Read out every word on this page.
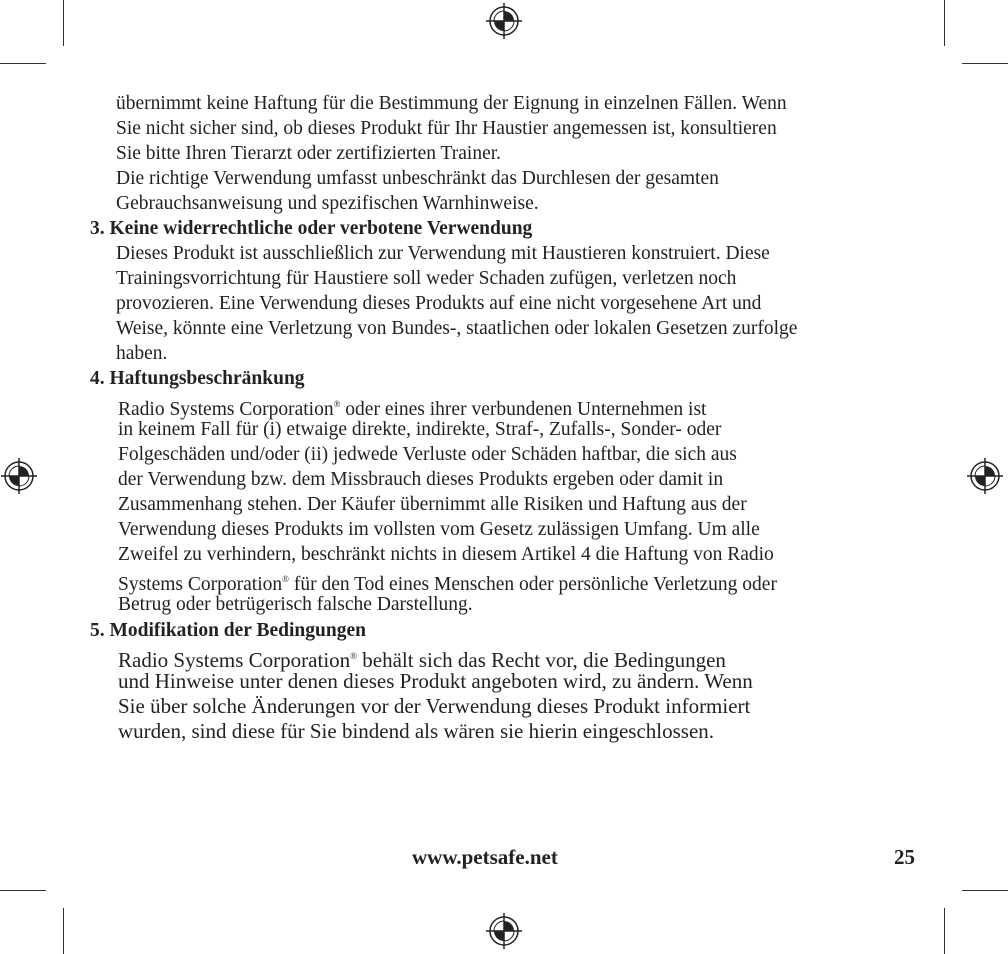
übernimmt keine Haftung für die Bestimmung der Eignung in einzelnen Fällen. Wenn
Sie nicht sicher sind, ob dieses Produkt für Ihr Haustier angemessen ist, konsultieren
Sie bitte Ihren Tierarzt oder zertifizierten Trainer.
Die richtige Verwendung umfasst unbeschränkt das Durchlesen der gesamten
Gebrauchsanweisung und spezifischen Warnhinweise.
3. Keine widerrechtliche oder verbotene Verwendung
Dieses Produkt ist ausschließlich zur Verwendung mit Haustieren konstruiert. Diese
Trainingsvorrichtung für Haustiere soll weder Schaden zufügen, verletzen noch
provozieren. Eine Verwendung dieses Produkts auf eine nicht vorgesehene Art und
Weise, könnte eine Verletzung von Bundes-, staatlichen oder lokalen Gesetzen zurfolge
haben.
4. Haftungsbeschränkung
Radio Systems Corporation® oder eines ihrer verbundenen Unternehmen ist
in keinem Fall für (i) etwaige direkte, indirekte, Straf-, Zufalls-, Sonder- oder
Folgeschäden und/oder (ii) jedwede Verluste oder Schäden haftbar, die sich aus
der Verwendung bzw. dem Missbrauch dieses Produkts ergeben oder damit in
Zusammenhang stehen. Der Käufer übernimmt alle Risiken und Haftung aus der
Verwendung dieses Produkts im vollsten vom Gesetz zulässigen Umfang. Um alle
Zweifel zu verhindern, beschränkt nichts in diesem Artikel 4 die Haftung von Radio
Systems Corporation® für den Tod eines Menschen oder persönliche Verletzung oder
Betrug oder betrügerisch falsche Darstellung.
5. Modifikation der Bedingungen
Radio Systems Corporation® behält sich das Recht vor, die Bedingungen
und Hinweise unter denen dieses Produkt angeboten wird, zu ändern. Wenn
Sie über solche Änderungen vor der Verwendung dieses Produkt informiert
wurden, sind diese für Sie bindend als wären sie hierin eingeschlossen.
www.petsafe.net	25
